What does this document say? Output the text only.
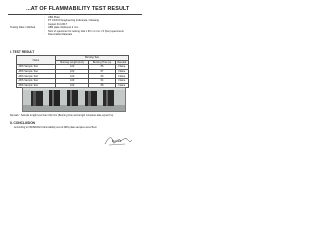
...AT OF FLAMMABILITY TEST RESULT
:	ABS Plate
:	PT XXXXX Engineering Indonesia, Cikarang
:	August 3rd 2017
Testing Date / Method	:	ABS plate thickness 2 mm
:	Size of specimen for testing 13ø x 60 x 2 mm x 5 (five) specimens
:	Flammable Materials
I. TEST RESULT
Name	Burning Test		
	Burning Length (mm)	Burning Time (s)	Remark
ABS Sample Test	100	65	Flame
ABS Sample Test	100	67	Flame
ABS Sample Test	100	66	Flame
ABS Sample Test	100	64	Flame
ABS Sample Test	100	68	Flame
Remark : Sample length less than 100 mm (Burning time and length complete date equal 0 s).
II. CONCLUSION
According to NWSD2021 flammability test of ABS plate samples were Burn
Mypedia
